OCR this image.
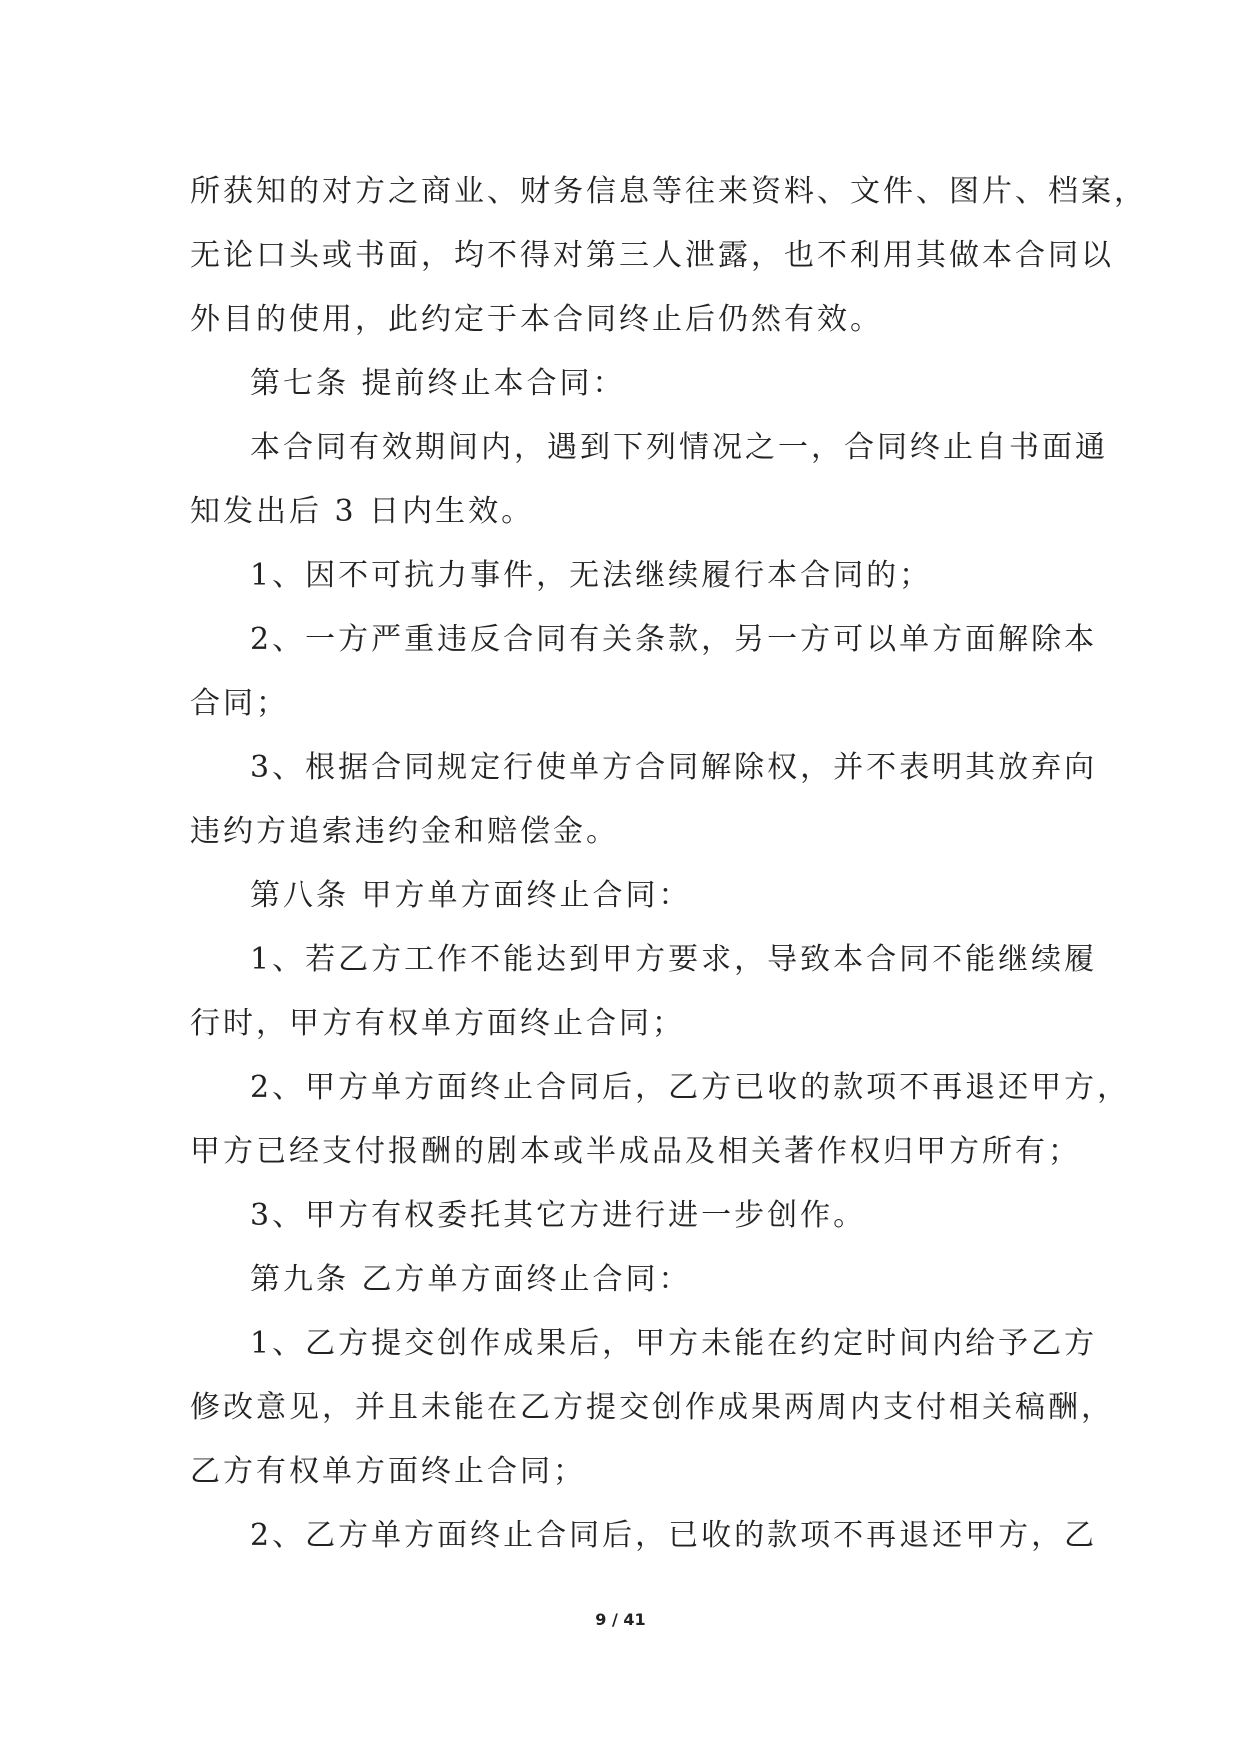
所获知的对方之商业、财务信息等往来资料、文件、图片、档案，
无论口头或书面，均不得对第三人泄露，也不利用其做本合同以
外目的使用，此约定于本合同终止后仍然有效。
第七条 提前终止本合同：
本合同有效期间内，遇到下列情况之一，合同终止自书面通
知发出后 3 日内生效。
1、因不可抗力事件，无法继续履行本合同的；
2、一方严重违反合同有关条款，另一方可以单方面解除本
合同；
3、根据合同规定行使单方合同解除权，并不表明其放弃向
违约方追索违约金和赔偿金。
第八条 甲方单方面终止合同：
1、若乙方工作不能达到甲方要求，导致本合同不能继续履
行时，甲方有权单方面终止合同；
2、甲方单方面终止合同后，乙方已收的款项不再退还甲方，
甲方已经支付报酬的剧本或半成品及相关著作权归甲方所有；
3、甲方有权委托其它方进行进一步创作。
第九条 乙方单方面终止合同：
1、乙方提交创作成果后，甲方未能在约定时间内给予乙方
修改意见，并且未能在乙方提交创作成果两周内支付相关稿酬，
乙方有权单方面终止合同；
2、乙方单方面终止合同后，已收的款项不再退还甲方，乙
9 / 41
